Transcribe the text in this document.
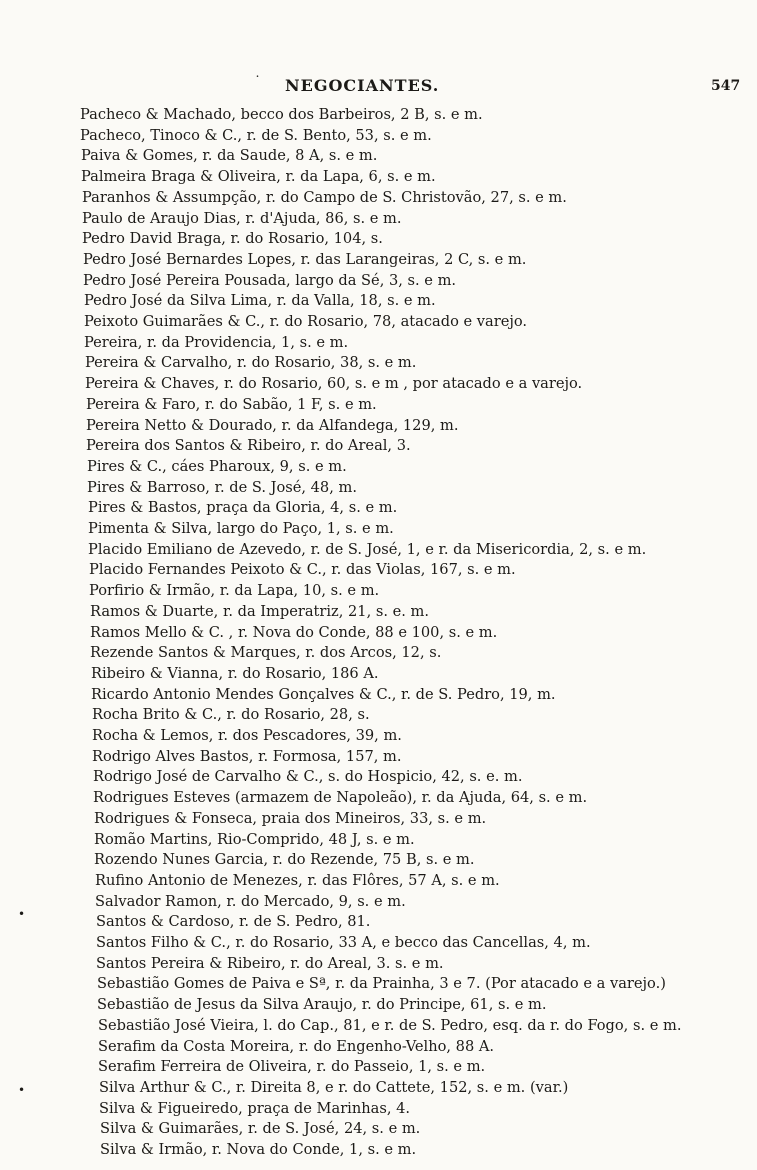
˙ NEGOCIANTES.	547
Pacheco & Machado, becco dos Barbeiros, 2 B, s. e m.
Pacheco, Tinoco & C., r. de S. Bento, 53, s. e m.
Paiva & Gomes, r. da Saude, 8 A, s. e m.
Palmeira Braga & Oliveira, r. da Lapa, 6, s. e m.
Paranhos & Assumpção, r. do Campo de S. Christovão, 27, s. e m.
Paulo de Araujo Dias, r. d'Ajuda, 86, s. e m.
Pedro David Braga, r. do Rosario, 104, s.
Pedro José Bernardes Lopes, r. das Larangeiras, 2 C, s. e m.
Pedro José Pereira Pousada, largo da Sé, 3, s. e m.
Pedro José da Silva Lima, r. da Valla, 18, s. e m.
Peixoto Guimarães & C., r. do Rosario, 78, atacado e varejo.
Pereira, r. da Providencia, 1, s. e m.
Pereira & Carvalho, r. do Rosario, 38, s. e m.
Pereira & Chaves, r. do Rosario, 60, s. e m , por atacado e a varejo.
Pereira & Faro, r. do Sabão, 1 F, s. e m.
Pereira Netto & Dourado, r. da Alfandega, 129, m.
Pereira dos Santos & Ribeiro, r. do Areal, 3.
Pires & C., cáes Pharoux, 9, s. e m.
Pires & Barroso, r. de S. José, 48, m.
Pires & Bastos, praça da Gloria, 4, s. e m.
Pimenta & Silva, largo do Paço, 1, s. e m.
Placido Emiliano de Azevedo, r. de S. José, 1, e r. da Misericordia, 2, s. e m.
Placido Fernandes Peixoto & C., r. das Violas, 167, s. e m.
Porfirio & Irmão, r. da Lapa, 10, s. e m.
Ramos & Duarte, r. da Imperatriz, 21, s. e. m.
Ramos Mello & C. , r. Nova do Conde, 88 e 100, s. e m.
Rezende Santos & Marques, r. dos Arcos, 12, s.
Ribeiro & Vianna, r. do Rosario, 186 A.
Ricardo Antonio Mendes Gonçalves & C., r. de S. Pedro, 19, m.
Rocha Brito & C., r. do Rosario, 28, s.
Rocha & Lemos, r. dos Pescadores, 39, m.
Rodrigo Alves Bastos, r. Formosa, 157, m.
Rodrigo José de Carvalho & C., s. do Hospicio, 42, s. e. m.
Rodrigues Esteves (armazem de Napoleão), r. da Ajuda, 64, s. e m.
Rodrigues & Fonseca, praia dos Mineiros, 33, s. e m.
Romão Martins, Rio-Comprido, 48 J, s. e m.
Rozendo Nunes Garcia, r. do Rezende, 75 B, s. e m.
Rufino Antonio de Menezes, r. das Flôres, 57 A, s. e m.
Salvador Ramon, r. do Mercado, 9, s. e m.
Santos & Cardoso, r. de S. Pedro, 81.
Santos Filho & C., r. do Rosario, 33 A, e becco das Cancellas, 4, m.
Santos Pereira & Ribeiro, r. do Areal, 3. s. e m.
Sebastião Gomes de Paiva e Sª, r. da Prainha, 3 e 7. (Por atacado e a varejo.)
Sebastião de Jesus da Silva Araujo, r. do Principe, 61, s. e m.
Sebastião José Vieira, l. do Cap., 81, e r. de S. Pedro, esq. da r. do Fogo, s. e m.
Serafim da Costa Moreira, r. do Engenho-Velho, 88 A.
Serafim Ferreira de Oliveira, r. do Passeio, 1, s. e m.
Silva Arthur & C., r. Direita 8, e r. do Cattete, 152, s. e m. (var.)
Silva & Figueiredo, praça de Marinhas, 4.
Silva & Guimarães, r. de S. José, 24, s. e m.
Silva & Irmão, r. Nova do Conde, 1, s. e m.
•
•
